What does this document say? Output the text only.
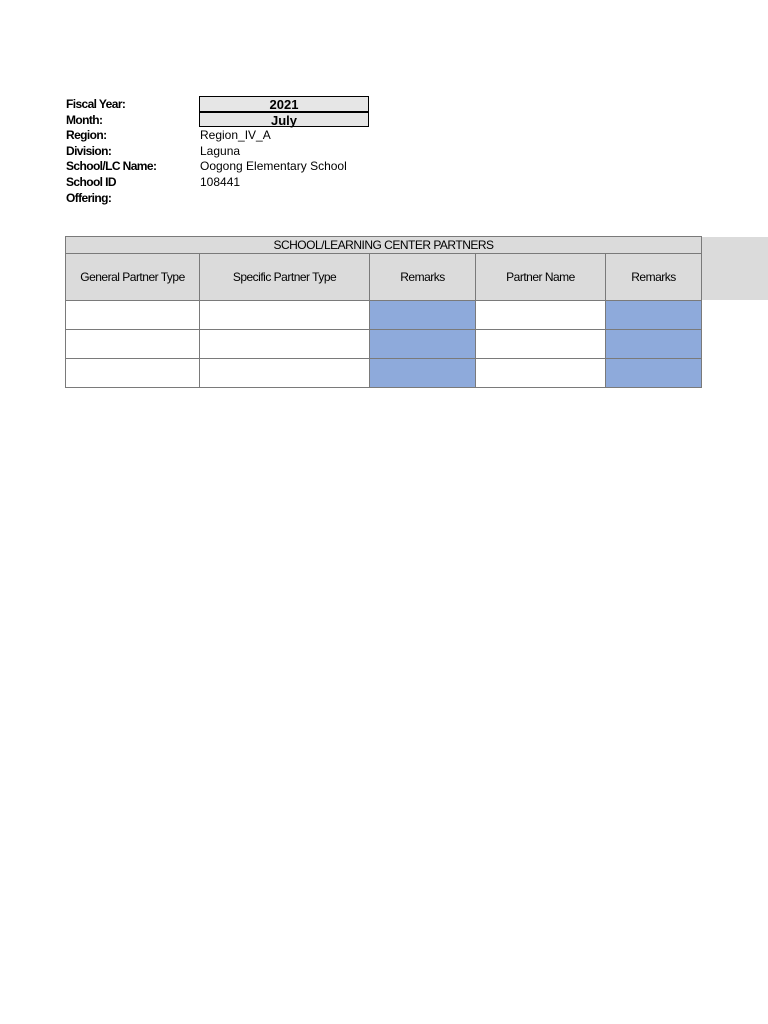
Fiscal Year:	2021
Month:	July
Region:	Region_IV_A
Division:	Laguna
School/LC Name:	Oogong Elementary School
School ID	108441
Offering:
SCHOOL/LEARNING CENTER PARTNERS				
General Partner Type	Specific Partner Type	Remarks	Partner Name	Remarks
